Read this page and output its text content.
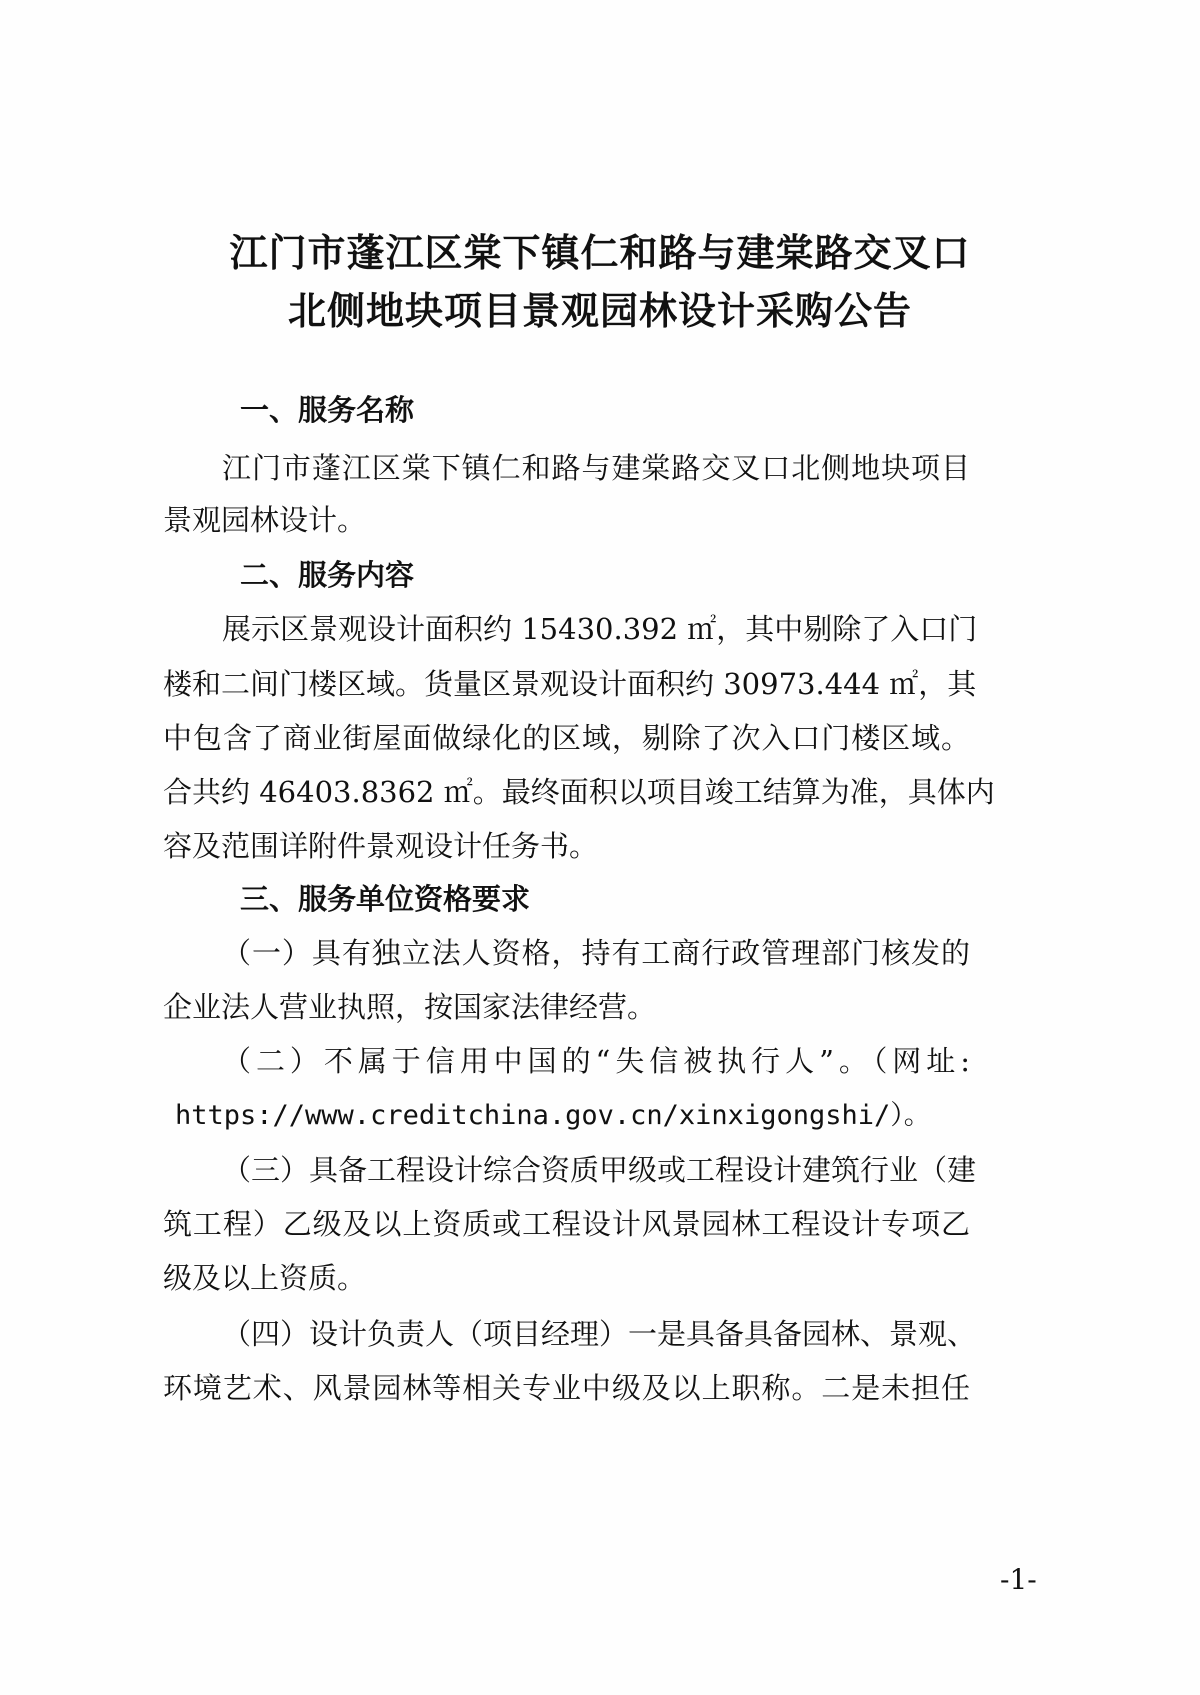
江门市蓬江区棠下镇仁和路与建棠路交叉口
北侧地块项目景观园林设计采购公告
一、服务名称
江门市蓬江区棠下镇仁和路与建棠路交叉口北侧地块项目
景观园林设计。
二、服务内容
展示区景观设计面积约 15430.392 ㎡，其中剔除了入口门
楼和二间门楼区域。货量区景观设计面积约 30973.444 ㎡，其
中包含了商业街屋面做绿化的区域，剔除了次入口门楼区域。
合共约 46403.8362 ㎡。最终面积以项目竣工结算为准，具体内
容及范围详附件景观设计任务书。
三、服务单位资格要求
（一）具有独立法人资格，持有工商行政管理部门核发的
企业法人营业执照，按国家法律经营。
（二）不属于信用中国的“失信被执行人”。（网址:
https://www.creditchina.gov.cn/xinxigongshi/）。
（三）具备工程设计综合资质甲级或工程设计建筑行业（建
筑工程）乙级及以上资质或工程设计风景园林工程设计专项乙
级及以上资质。
（四）设计负责人（项目经理）一是具备具备园林、景观、
环境艺术、风景园林等相关专业中级及以上职称。二是未担任
-1-
